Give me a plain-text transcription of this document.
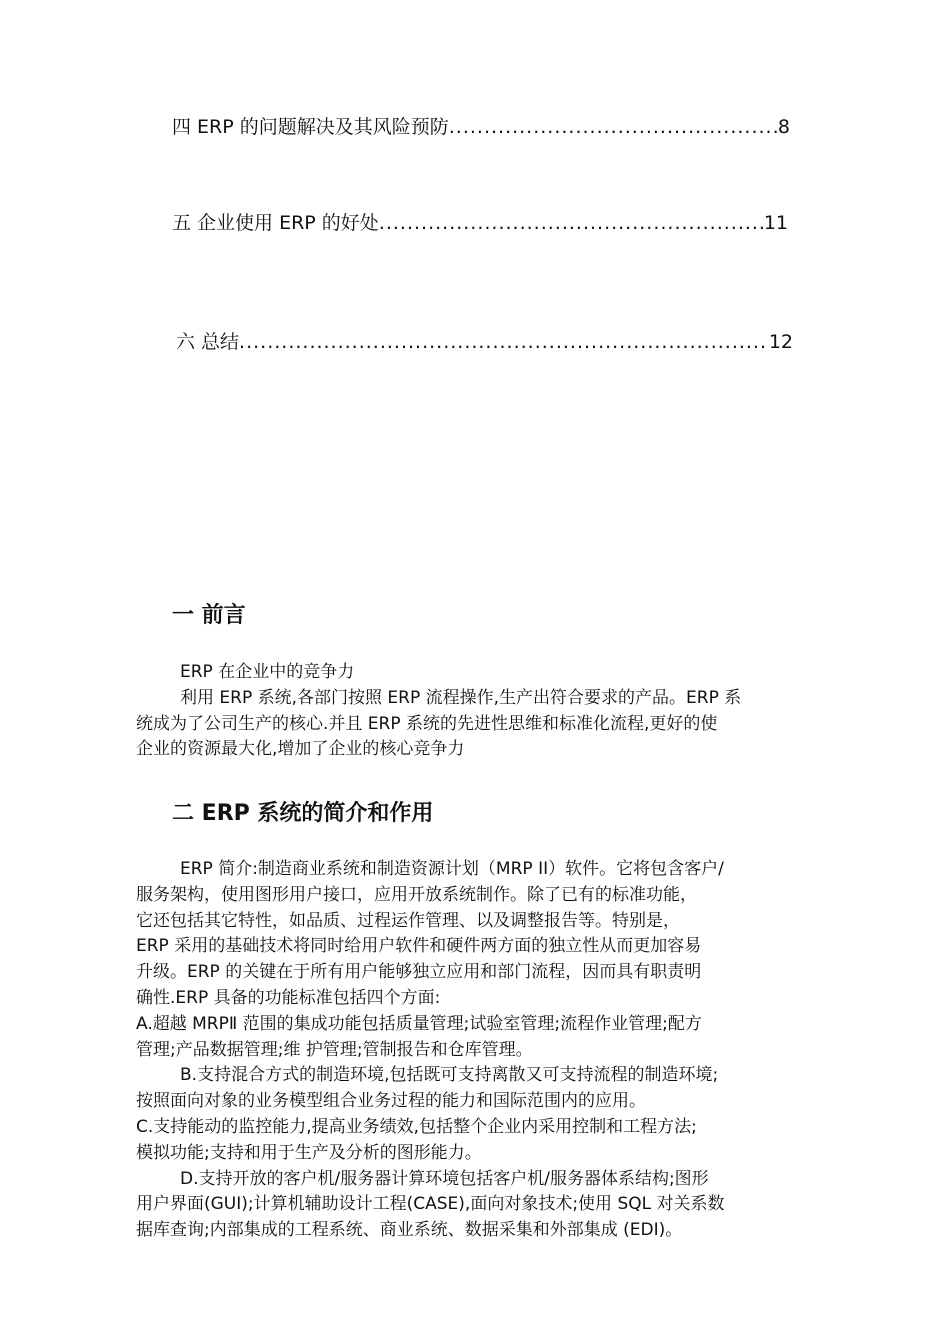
四 ERP 的问题解决及其风险预防 .....	8
五 企业使用 ERP 的好处 .....	11
六 总结 .....	12
一 前言
ERP 在企业中的竞争力
利用 ERP 系统,各部门按照 ERP 流程操作,生产出符合要求的产品。ERP 系
统成为了公司生产的核心.并且 ERP 系统的先进性思维和标准化流程,更好的使
企业的资源最大化,增加了企业的核心竞争力
二 ERP 系统的简介和作用
ERP 简介:制造商业系统和制造资源计划（MRP II）软件。它将包含客户/
服务架构，使用图形用户接口，应用开放系统制作。除了已有的标准功能，
它还包括其它特性，如品质、过程运作管理、以及调整报告等。特别是，
ERP 采用的基础技术将同时给用户软件和硬件两方面的独立性从而更加容易
升级。ERP 的关键在于所有用户能够独立应用和部门流程，因而具有职责明
确性.ERP 具备的功能标准包括四个方面:
A.超越 MRPⅡ 范围的集成功能包括质量管理;试验室管理;流程作业管理;配方
管理;产品数据管理;维 护管理;管制报告和仓库管理。
B.支持混合方式的制造环境,包括既可支持离散又可支持流程的制造环境;
按照面向对象的业务模型组合业务过程的能力和国际范围内的应用。
C.支持能动的监控能力,提高业务绩效,包括整个企业内采用控制和工程方法;
模拟功能;支持和用于生产及分析的图形能力。
D.支持开放的客户机/服务器计算环境包括客户机/服务器体系结构;图形
用户界面(GUI);计算机辅助设计工程(CASE),面向对象技术;使用 SQL 对关系数
据库查询;内部集成的工程系统、商业系统、数据采集和外部集成 (EDI)。
